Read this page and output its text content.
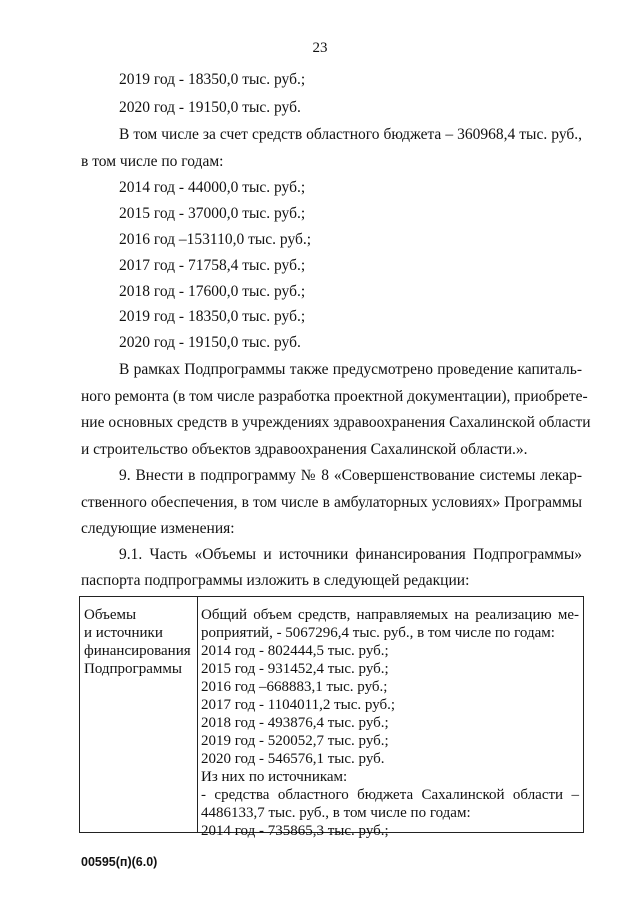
23
2019 год - 18350,0 тыс. руб.;
2020 год - 19150,0 тыс. руб.
В том числе за счет средств областного бюджета – 360968,4 тыс. руб.,
в том числе по годам:
2014 год - 44000,0 тыс. руб.;
2015 год - 37000,0 тыс. руб.;
2016 год –153110,0 тыс. руб.;
2017 год - 71758,4 тыс. руб.;
2018 год - 17600,0 тыс. руб.;
2019 год - 18350,0 тыс. руб.;
2020 год - 19150,0 тыс. руб.
В рамках Подпрограммы также предусмотрено проведение капиталь-
ного ремонта (в том числе разработка проектной документации), приобрете-
ние основных средств в учреждениях здравоохранения Сахалинской области
и строительство объектов здравоохранения Сахалинской области.».
9. Внести в подпрограмму № 8 «Совершенствование системы лекар-
ственного обеспечения, в том числе в амбулаторных условиях» Программы
следующие изменения:
9.1. Часть «Объемы и источники финансирования Подпрограммы»
паспорта подпрограммы изложить в следующей редакции:
Объемы
и источники
финансирования
Подпрограммы
Общий объем средств, направляемых на реализацию ме-
роприятий, - 5067296,4 тыс. руб., в том числе по годам:
2014 год - 802444,5 тыс. руб.;
2015 год - 931452,4 тыс. руб.;
2016 год –668883,1 тыс. руб.;
2017 год - 1104011,2 тыс. руб.;
2018 год - 493876,4 тыс. руб.;
2019 год - 520052,7 тыс. руб.;
2020 год - 546576,1 тыс. руб.
Из них по источникам:
- средства областного бюджета Сахалинской области –
4486133,7 тыс. руб., в том числе по годам:
2014 год - 735865,3 тыс. руб.;
00595(п)(6.0)
